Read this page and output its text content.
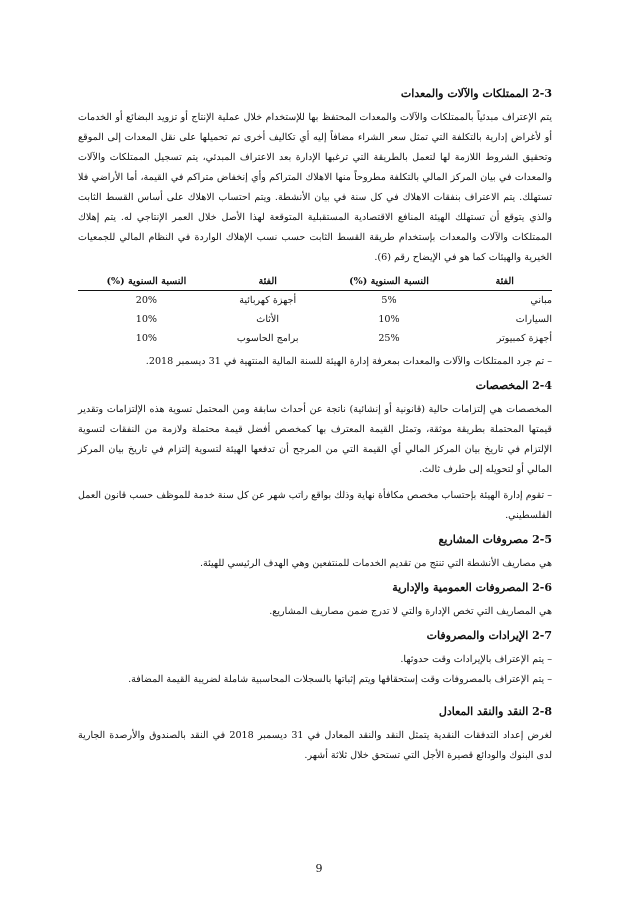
2-3 الممتلكات والآلات والمعدات

يتم الإعتراف مبدئياً بالممتلكات والآلات والمعدات المحتفظ بها للإستخدام خلال عملية الإنتاج أو تزويد البضائع أو الخدمات أو لأغراض إدارية بالتكلفة التي تمثل سعر الشراء مضافاً إليه أي تكاليف أخرى تم تحميلها على نقل المعدات إلى الموقع وتحقيق الشروط اللازمة لها لتعمل بالطريقة التي ترغبها الإدارة بعد الاعتراف المبدئي، يتم تسجيل الممتلكات والآلات والمعدات في بيان المركز المالي بالتكلفة مطروحاً منها الاهلاك المتراكم وأي إنخفاض متراكم في القيمة، أما الأراضي فلا تستهلك. يتم الاعتراف بنفقات الاهلاك في كل سنة في بيان الأنشطة. ويتم احتساب الاهلاك على أساس القسط الثابت والذي يتوقع أن تستهلك الهيئة المنافع الاقتصادية المستقبلية المتوقعة لهذا الأصل خلال العمر الإنتاجي له. يتم إهلاك الممتلكات والآلات والمعدات بإستخدام طريقة القسط الثابت حسب نسب الإهلاك الواردة في النظام المالي للجمعيات الخيرية والهيئات كما هو في الإيضاح رقم (6).

الفئة	النسبة السنوية (%)	الفئة	النسبة السنوية (%)
مباني	5%	أجهزة كهربائية	20%
السيارات	10%	الأثاث	10%
أجهزة كمبيوتر	25%	برامج الحاسوب	10%

– تم جرد الممتلكات والآلات والمعدات بمعرفة إدارة الهيئة للسنة المالية المنتهية في 31 ديسمبر 2018.

2-4 المخصصات

المخصصات هي إلتزامات حالية (قانونية أو إنشائية) ناتجة عن أحداث سابقة ومن المحتمل تسوية هذه الإلتزامات وتقدير قيمتها المحتملة بطريقة موثقة، وتمثل القيمة المعترف بها كمخصص أفضل قيمة محتملة ولازمة من النفقات لتسوية الإلتزام في تاريخ بيان المركز المالي أي القيمة التي من المرجح أن تدفعها الهيئة لتسوية إلتزام في تاريخ بيان المركز المالي أو لتحويله إلى طرف ثالث.

– تقوم إدارة الهيئة بإحتساب مخصص مكافأة نهاية وذلك بواقع راتب شهر عن كل سنة خدمة للموظف حسب قانون العمل الفلسطيني.

2-5 مصروفات المشاريع

هي مصاريف الأنشطة التي تنتج من تقديم الخدمات للمنتفعين وهي الهدف الرئيسي للهيئة.

2-6 المصروفات العمومية والإدارية

هي المصاريف التي تخص الإدارة والتي لا تدرج ضمن مصاريف المشاريع.

2-7 الإيرادات والمصروفات

– يتم الإعتراف بالإيرادات وقت حدوثها.

– يتم الإعتراف بالمصروفات وقت إستحقاقها ويتم إثباتها بالسجلات المحاسبية شاملة لضريبة القيمة المضافة.

2-8 النقد والنقد المعادل

لغرض إعداد التدفقات النقدية يتمثل النقد والنقد المعادل في 31 ديسمبر 2018 في النقد بالصندوق والأرصدة الجارية لدى البنوك والودائع قصيرة الأجل التي تستحق خلال ثلاثة أشهر.

9
